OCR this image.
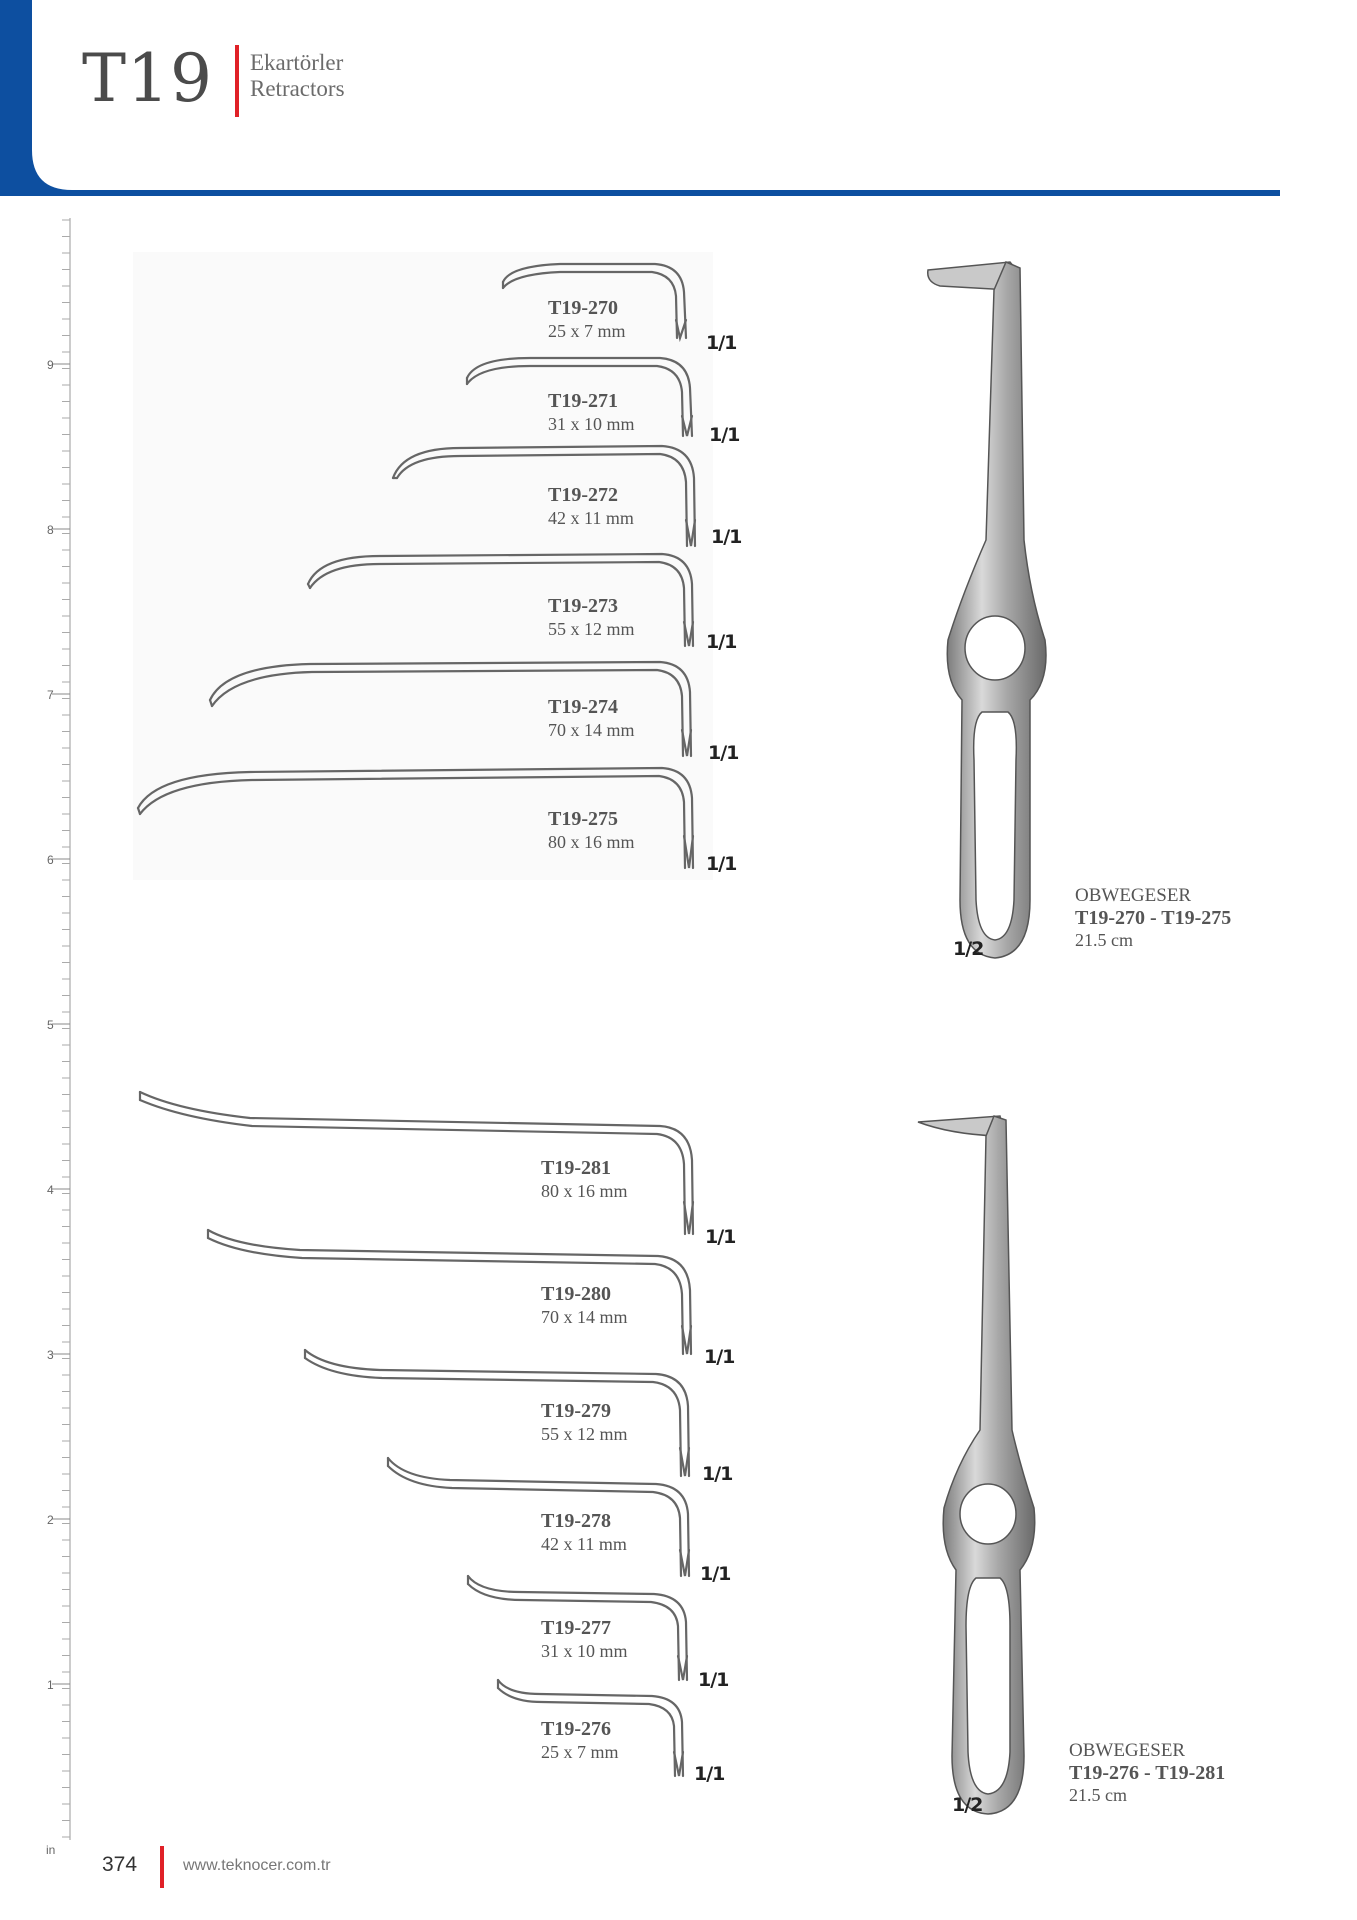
T19 Ekartörler
Retractors
9
8
7
6
5
4
3
2
1
in
T19-270
25 x 7 mm
T19-271
31 x 10 mm
T19-272
42 x 11 mm
T19-273
55 x 12 mm
T19-274
70 x 14 mm
T19-275
80 x 16 mm
1/1
1/1
1/1
1/1
1/1
1/1
1/2
OBWEGESER
T19-270 - T19-275
21.5 cm
T19-281
80 x 16 mm
T19-280
70 x 14 mm
T19-279
55 x 12 mm
T19-278
42 x 11 mm
T19-277
31 x 10 mm
T19-276
25 x 7 mm
1/1
1/1
1/1
1/1
1/1
1/1
1/2
OBWEGESER
T19-276 - T19-281
21.5 cm
374	www.teknocer.com.tr
